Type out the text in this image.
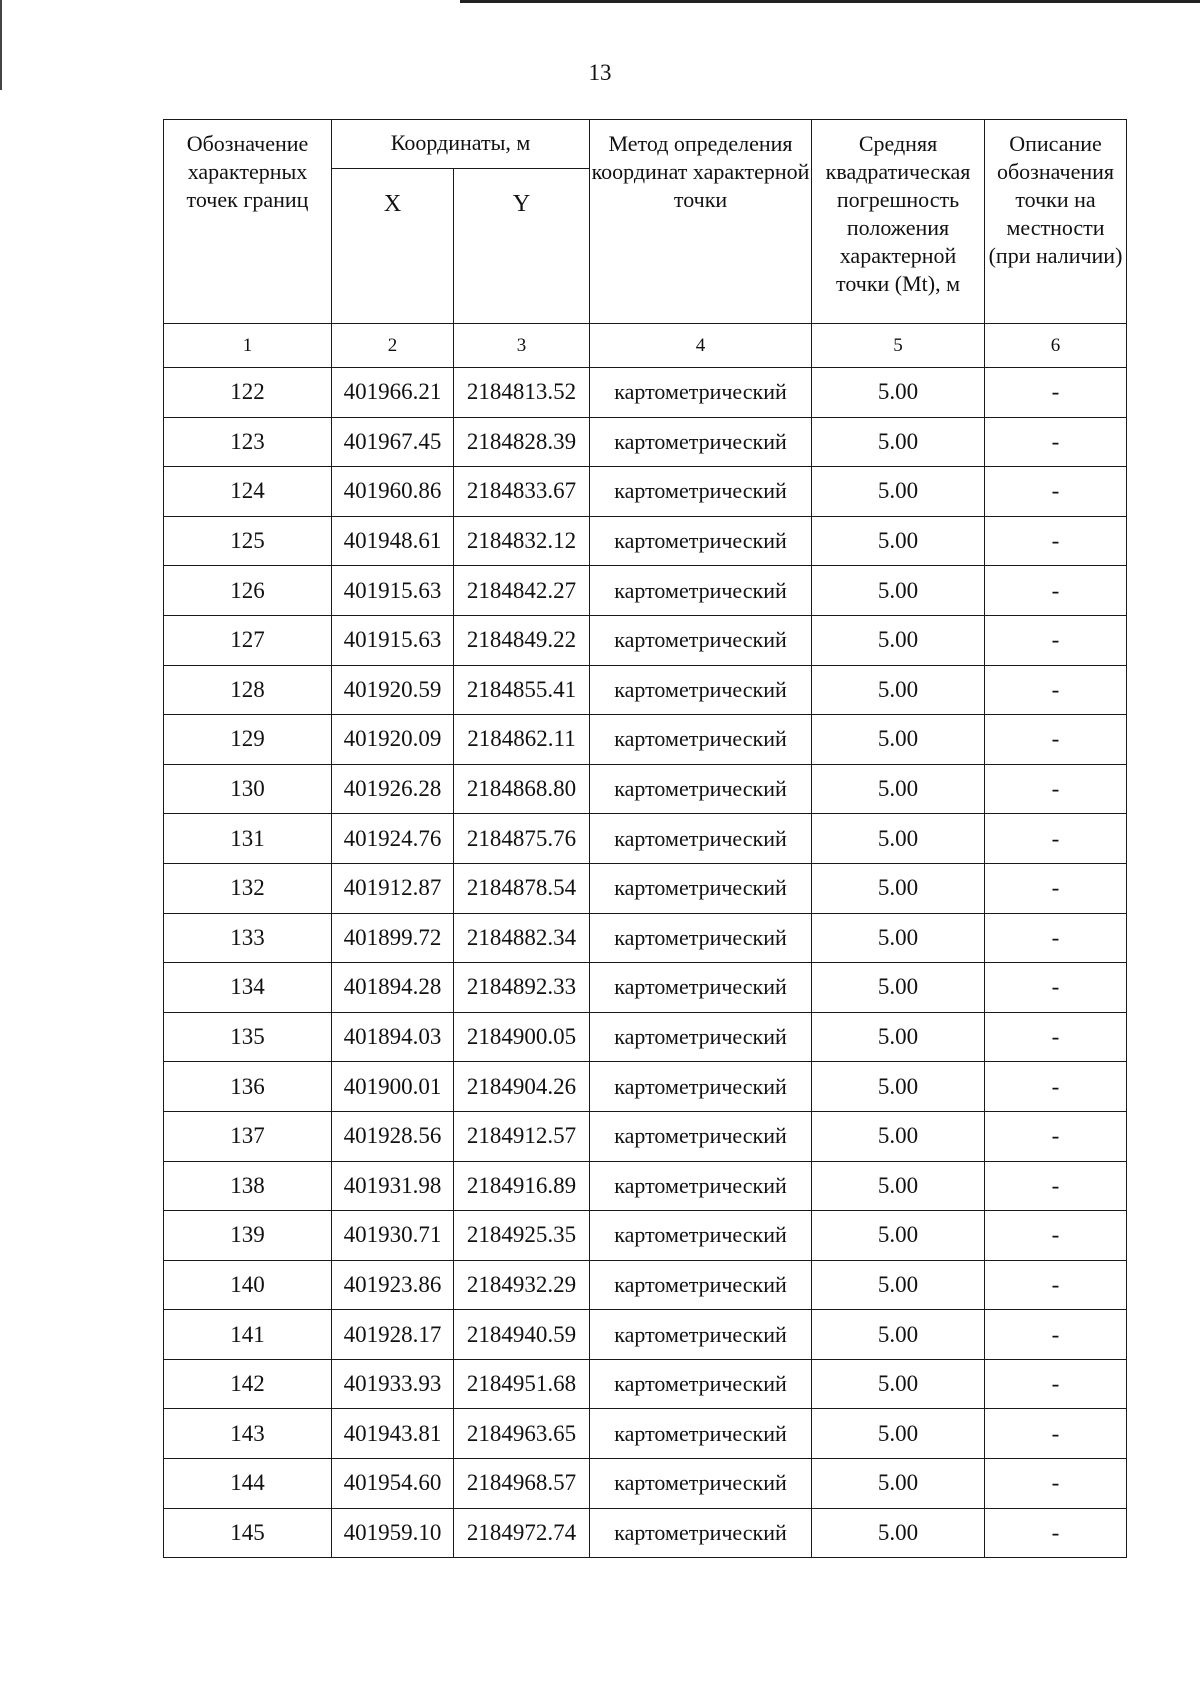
13
Обозначение характерных точек границ	Координаты, м		Метод определения координат характерной точки	Средняя квадратическая погрешность положения характерной точки (Mt), м	Описание обозначения точки на местности (при наличии)
	X	Y			
1	2	3	4	5	6
122	401966.21	2184813.52	картометрический	5.00	-
123	401967.45	2184828.39	картометрический	5.00	-
124	401960.86	2184833.67	картометрический	5.00	-
125	401948.61	2184832.12	картометрический	5.00	-
126	401915.63	2184842.27	картометрический	5.00	-
127	401915.63	2184849.22	картометрический	5.00	-
128	401920.59	2184855.41	картометрический	5.00	-
129	401920.09	2184862.11	картометрический	5.00	-
130	401926.28	2184868.80	картометрический	5.00	-
131	401924.76	2184875.76	картометрический	5.00	-
132	401912.87	2184878.54	картометрический	5.00	-
133	401899.72	2184882.34	картометрический	5.00	-
134	401894.28	2184892.33	картометрический	5.00	-
135	401894.03	2184900.05	картометрический	5.00	-
136	401900.01	2184904.26	картометрический	5.00	-
137	401928.56	2184912.57	картометрический	5.00	-
138	401931.98	2184916.89	картометрический	5.00	-
139	401930.71	2184925.35	картометрический	5.00	-
140	401923.86	2184932.29	картометрический	5.00	-
141	401928.17	2184940.59	картометрический	5.00	-
142	401933.93	2184951.68	картометрический	5.00	-
143	401943.81	2184963.65	картометрический	5.00	-
144	401954.60	2184968.57	картометрический	5.00	-
145	401959.10	2184972.74	картометрический	5.00	-
